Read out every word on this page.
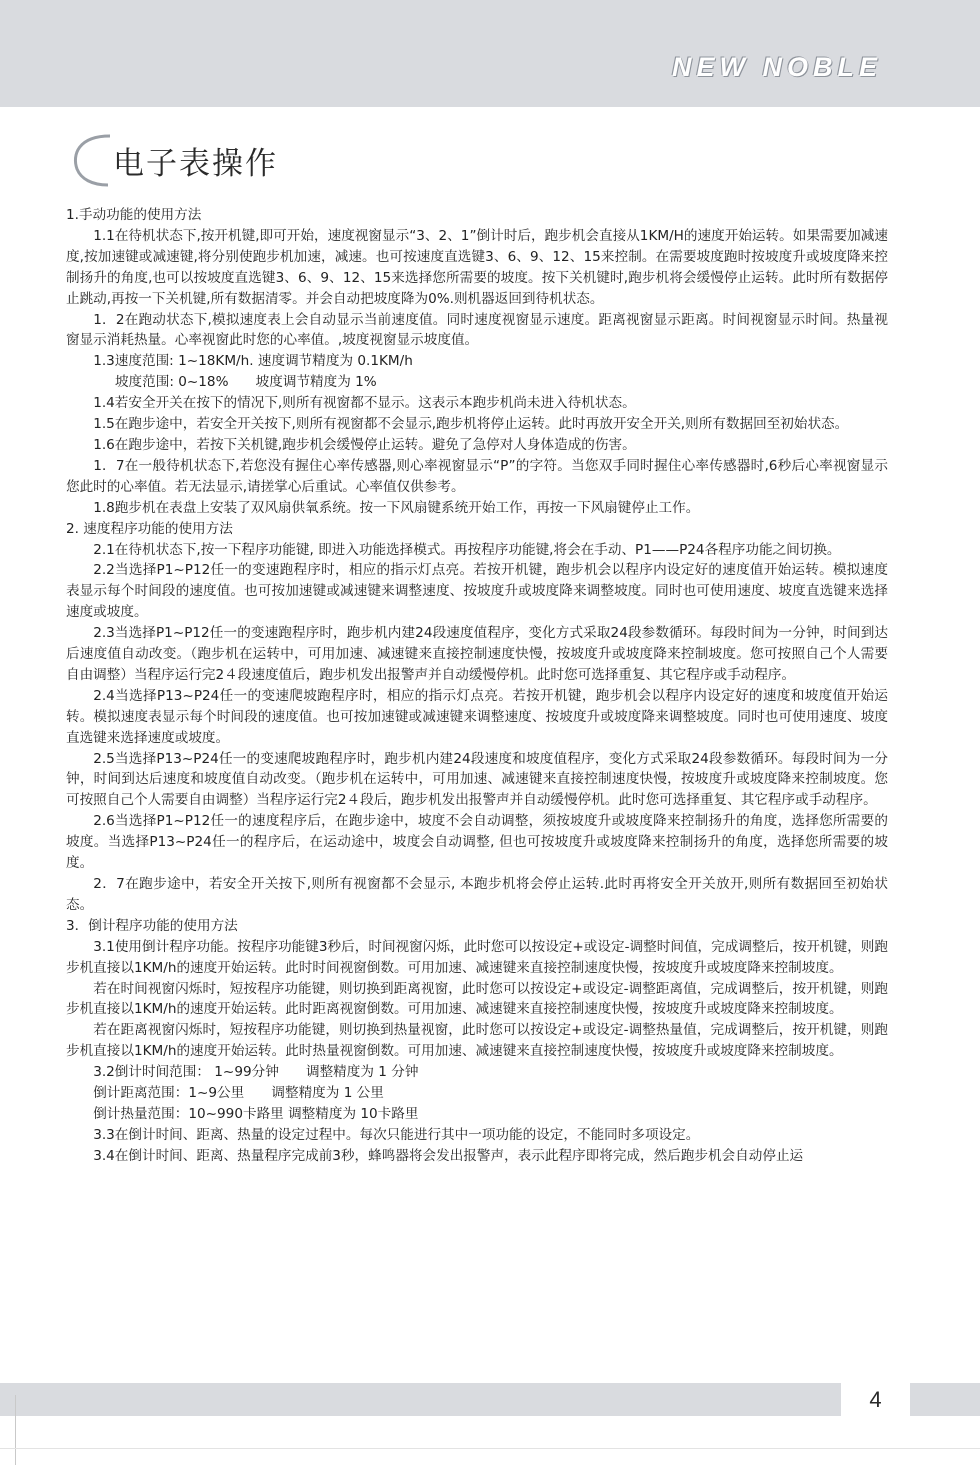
NEW NOBLE
电子表操作

1.手动功能的使用方法

1.1在待机状态下,按开机键,即可开始，速度视窗显示“3、2、1”倒计时后，跑步机会直接从1KM/H的速度开始运转。如果需要加减速度,按加速键或减速键,将分别使跑步机加速，减速。也可按速度直选键3、6、9、12、15来控制。在需要坡度跑时按坡度升或坡度降来控制扬升的角度,也可以按坡度直选键3、6、9、12、15来选择您所需要的坡度。按下关机键时,跑步机将会缓慢停止运转。此时所有数据停止跳动,再按一下关机键,所有数据清零。并会自动把坡度降为0%.则机器返回到待机状态。

1．2在跑动状态下,模拟速度表上会自动显示当前速度值。同时速度视窗显示速度。距离视窗显示距离。时间视窗显示时间。热量视窗显示消耗热量。心率视窗此时您的心率值。,坡度视窗显示坡度值。

1.3速度范围: 1~18KM/h. 速度调节精度为 0.1KM/h

坡度范围: 0~18%　　坡度调节精度为 1%

1.4若安全开关在按下的情况下,则所有视窗都不显示。这表示本跑步机尚未进入待机状态。

1.5在跑步途中，若安全开关按下,则所有视窗都不会显示,跑步机将停止运转。此时再放开安全开关,则所有数据回至初始状态。

1.6在跑步途中，若按下关机键,跑步机会缓慢停止运转。避免了急停对人身体造成的伤害。

1．7在一般待机状态下,若您没有握住心率传感器,则心率视窗显示“P”的字符。当您双手同时握住心率传感器时,6秒后心率视窗显示您此时的心率值。若无法显示,请搓掌心后重试。心率值仅供参考。

1.8跑步机在表盘上安装了双风扇供氧系统。按一下风扇键系统开始工作，再按一下风扇键停止工作。

2. 速度程序功能的使用方法

2.1在待机状态下,按一下程序功能键, 即进入功能选择模式。再按程序功能键,将会在手动、P1——P24各程序功能之间切换。

2.2当选择P1~P12任一的变速跑程序时，相应的指示灯点亮。若按开机键，跑步机会以程序内设定好的速度值开始运转。模拟速度表显示每个时间段的速度值。也可按加速键或减速键来调整速度、按坡度升或坡度降来调整坡度。同时也可使用速度、坡度直选键来选择速度或坡度。

2.3当选择P1~P12任一的变速跑程序时，跑步机内建24段速度值程序，变化方式采取24段参数循环。每段时间为一分钟，时间到达后速度值自动改变。（跑步机在运转中，可用加速、减速键来直接控制速度快慢，按坡度升或坡度降来控制坡度。您可按照自己个人需要自由调整）当程序运行完2４段速度值后，跑步机发出报警声并自动缓慢停机。此时您可选择重复、其它程序或手动程序。

2.4当选择P13~P24任一的变速爬坡跑程序时，相应的指示灯点亮。若按开机键，跑步机会以程序内设定好的速度和坡度值开始运转。模拟速度表显示每个时间段的速度值。也可按加速键或减速键来调整速度、按坡度升或坡度降来调整坡度。同时也可使用速度、坡度直选键来选择速度或坡度。

2.5当选择P13~P24任一的变速爬坡跑程序时，跑步机内建24段速度和坡度值程序，变化方式采取24段参数循环。每段时间为一分钟，时间到达后速度和坡度值自动改变。（跑步机在运转中，可用加速、减速键来直接控制速度快慢，按坡度升或坡度降来控制坡度。您可按照自己个人需要自由调整）当程序运行完2４段后，跑步机发出报警声并自动缓慢停机。此时您可选择重复、其它程序或手动程序。

2.6当选择P1~P12任一的速度程序后，在跑步途中，坡度不会自动调整，须按坡度升或坡度降来控制扬升的角度，选择您所需要的坡度。当选择P13~P24任一的程序后，在运动途中，坡度会自动调整, 但也可按坡度升或坡度降来控制扬升的角度，选择您所需要的坡度。

2．7在跑步途中，若安全开关按下,则所有视窗都不会显示, 本跑步机将会停止运转.此时再将安全开关放开,则所有数据回至初始状态。

3．倒计程序功能的使用方法

3.1使用倒计程序功能。按程序功能键3秒后，时间视窗闪烁，此时您可以按设定+或设定-调整时间值，完成调整后，按开机键，则跑步机直接以1KM/h的速度开始运转。此时时间视窗倒数。可用加速、减速键来直接控制速度快慢，按坡度升或坡度降来控制坡度。

若在时间视窗闪烁时，短按程序功能键，则切换到距离视窗，此时您可以按设定+或设定-调整距离值，完成调整后，按开机键，则跑步机直接以1KM/h的速度开始运转。此时距离视窗倒数。可用加速、减速键来直接控制速度快慢，按坡度升或坡度降来控制坡度。

若在距离视窗闪烁时，短按程序功能键，则切换到热量视窗，此时您可以按设定+或设定-调整热量值，完成调整后，按开机键，则跑步机直接以1KM/h的速度开始运转。此时热量视窗倒数。可用加速、减速键来直接控制速度快慢，按坡度升或坡度降来控制坡度。

3.2倒计时间范围： 1~99分钟　　调整精度为 1 分钟

倒计距离范围：1~9公里　　调整精度为 1 公里

倒计热量范围：10~990卡路里 调整精度为 10卡路里

3.3在倒计时间、距离、热量的设定过程中。每次只能进行其中一项功能的设定，不能同时多项设定。

3.4在倒计时间、距离、热量程序完成前3秒，蜂鸣器将会发出报警声，表示此程序即将完成，然后跑步机会自动停止运

4
